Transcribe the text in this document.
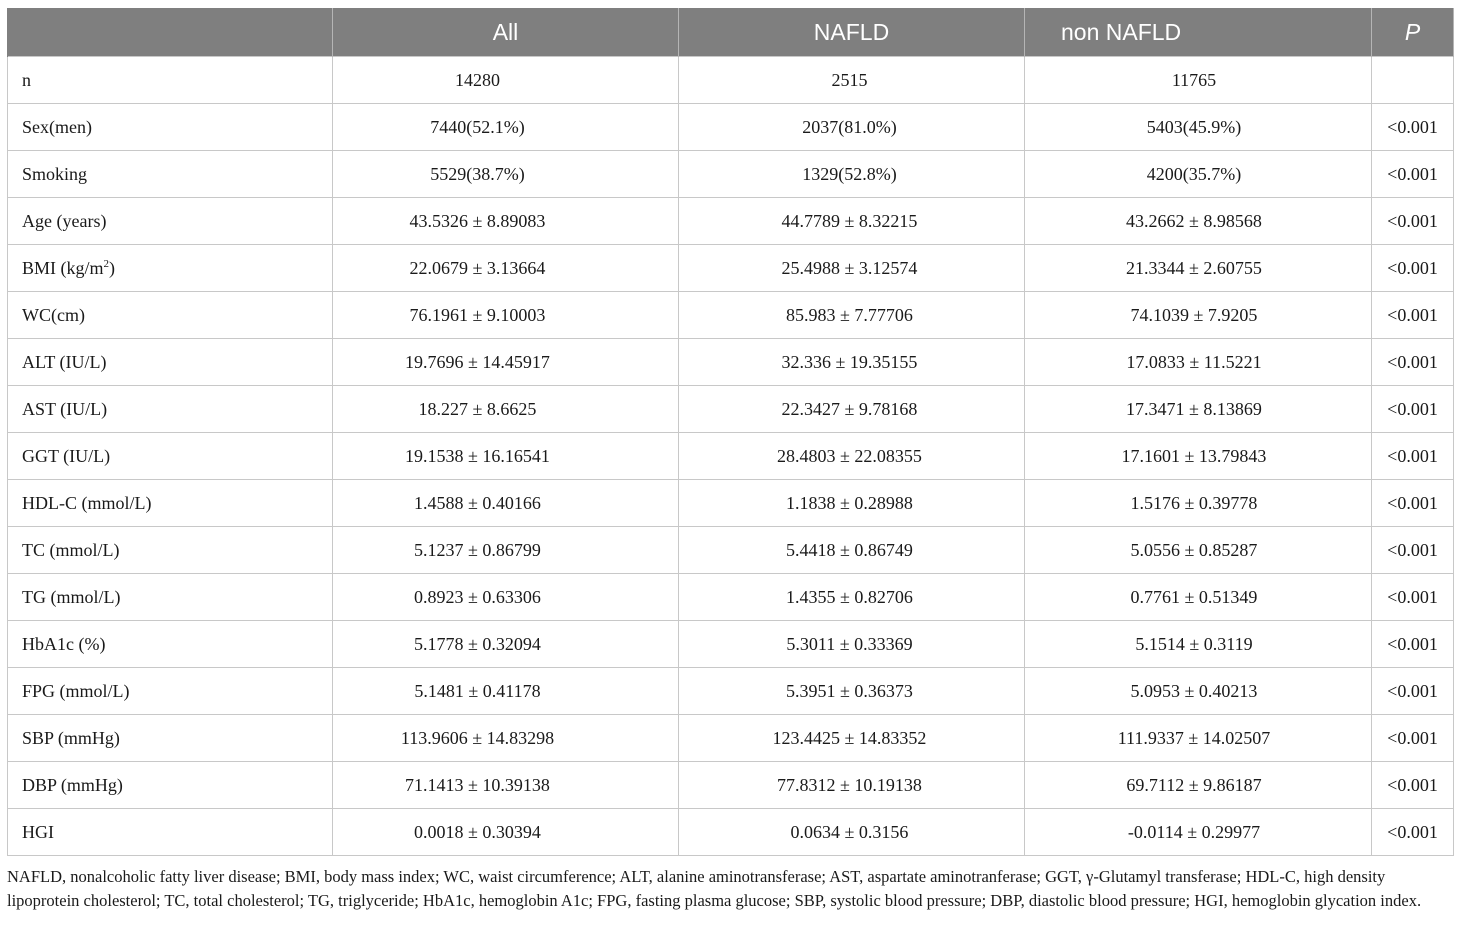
	All	NAFLD	non NAFLD	P
n	14280	2515	11765	
Sex(men)	7440(52.1%)	2037(81.0%)	5403(45.9%)	<0.001
Smoking	5529(38.7%)	1329(52.8%)	4200(35.7%)	<0.001
Age (years)	43.5326 ± 8.89083	44.7789 ± 8.32215	43.2662 ± 8.98568	<0.001
BMI $(kg/m^2)$	22.0679 ± 3.13664	25.4988 ± 3.12574	21.3344 ± 2.60755	<0.001
WC(cm)	76.1961 ± 9.10003	85.983 ± 7.77706	74.1039 ± 7.9205	<0.001
ALT (IU/L)	19.7696 ± 14.45917	32.336 ± 19.35155	17.0833 ± 11.5221	<0.001
AST (IU/L)	18.227 ± 8.6625	22.3427 ± 9.78168	17.3471 ± 8.13869	<0.001
GGT (IU/L)	19.1538 ± 16.16541	28.4803 ± 22.08355	17.1601 ± 13.79843	<0.001
HDL-C (mmol/L)	1.4588 ± 0.40166	1.1838 ± 0.28988	1.5176 ± 0.39778	<0.001
TC (mmol/L)	5.1237 ± 0.86799	5.4418 ± 0.86749	5.0556 ± 0.85287	<0.001
TG (mmol/L)	0.8923 ± 0.63306	1.4355 ± 0.82706	0.7761 ± 0.51349	<0.001
HbA1c (%)	5.1778 ± 0.32094	5.3011 ± 0.33369	5.1514 ± 0.3119	<0.001
FPG (mmol/L)	5.1481 ± 0.41178	5.3951 ± 0.36373	5.0953 ± 0.40213	<0.001
SBP (mmHg)	113.9606 ± 14.83298	123.4425 ± 14.83352	111.9337 ± 14.02507	<0.001
DBP (mmHg)	71.1413 ± 10.39138	77.8312 ± 10.19138	69.7112 ± 9.86187	<0.001
HGI	0.0018 ± 0.30394	0.0634 ± 0.3156	-0.0114 ± 0.29977	<0.001
NAFLD, nonalcoholic fatty liver disease; BMI, body mass index; WC, waist circumference; ALT, alanine aminotransferase; AST, aspartate aminotranferase; GGT, γ-Glutamyl transferase; HDL-C, high density lipoprotein cholesterol; TC, total cholesterol; TG, triglyceride; HbA1c, hemoglobin A1c; FPG, fasting plasma glucose; SBP, systolic blood pressure; DBP, diastolic blood pressure; HGI, hemoglobin glycation index.
